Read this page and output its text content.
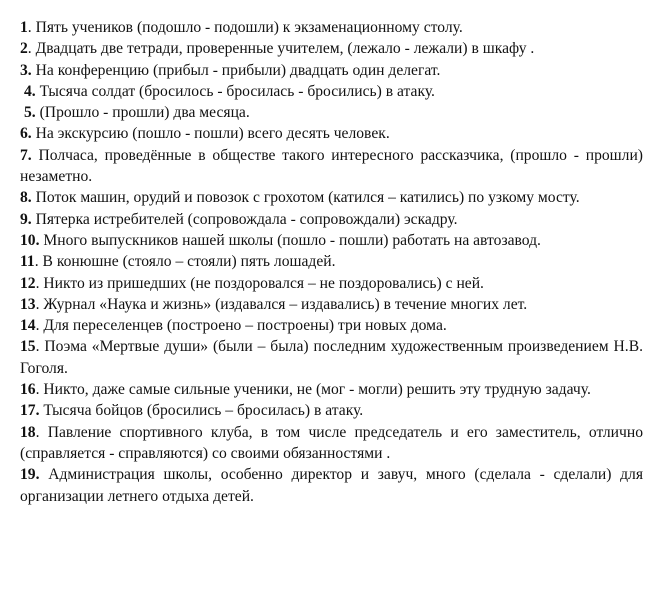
1. Пять учеников (подошло - подошли) к экзаменационному столу.

2. Двадцать две тетради, проверенные учителем, (лежало - лежали) в шкафу .

3. На конференцию (прибыл - прибыли) двадцать один делегат.

4. Тысяча солдат (бросилось - бросилась - бросились) в атаку.

5. (Прошло - прошли) два месяца.

6. На экскурсию (пошло - пошли) всего десять человек.

7. Полчаса, проведённые в обществе такого интересного рассказчика, (прошло - прошли) незаметно.

8. Поток машин, орудий и повозок с грохотом (катился – катились) по узкому мосту.

9. Пятерка истребителей (сопровождала - сопровождали) эскадру.

10. Много выпускников нашей школы (пошло - пошли) работать на автозавод.

11. В конюшне (стояло – стояли) пять лошадей.

12. Никто из пришедших (не поздоровался – не поздоровались) с ней.

13. Журнал «Наука и жизнь» (издавался – издавались) в течение многих лет.

14. Для переселенцев (построено – построены) три новых дома.

15. Поэма «Мертвые души» (были – была) последним художественным произведением Н.В. Гоголя.

16. Никто, даже самые сильные ученики, не (мог - могли) решить эту трудную задачу.

17. Тысяча бойцов (бросились – бросилась) в атаку.

18. Павление спортивного клуба, в том числе председатель и его заместитель, отлично (справляется - справляются) со своими обязанностями .

19. Администрация школы, особенно директор и завуч, много (сделала - сделали) для организации летнего отдыха детей.
